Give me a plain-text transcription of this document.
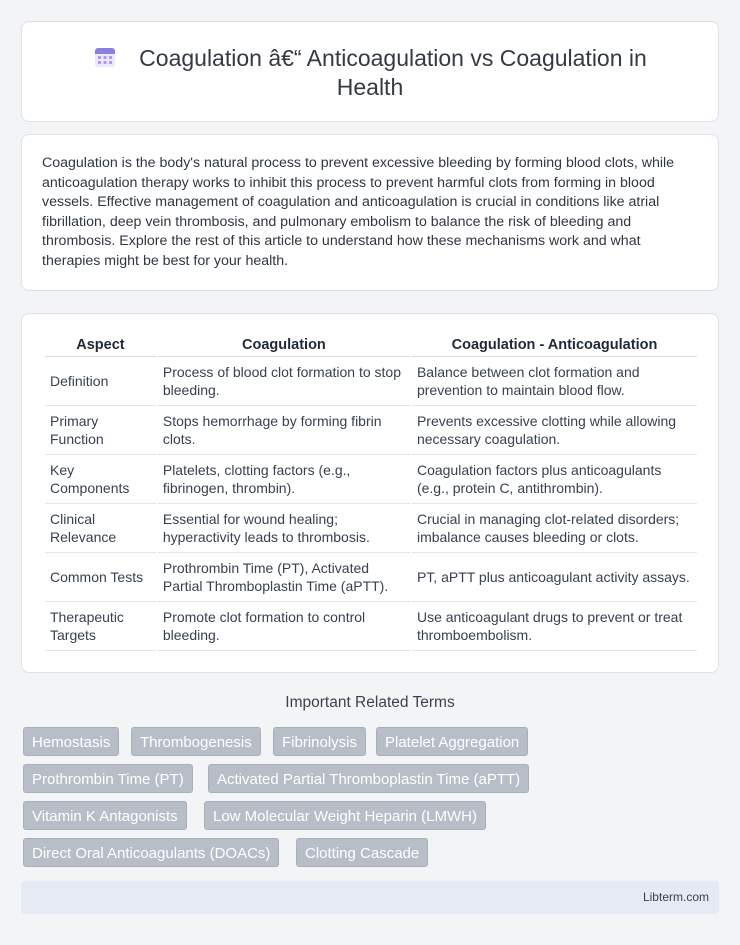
Coagulation â€“ Anticoagulation vs Coagulation in Health

Coagulation is the body's natural process to prevent excessive bleeding by forming blood clots, while anticoagulation therapy works to inhibit this process to prevent harmful clots from forming in blood vessels. Effective management of coagulation and anticoagulation is crucial in conditions like atrial fibrillation, deep vein thrombosis, and pulmonary embolism to balance the risk of bleeding and thrombosis. Explore the rest of this article to understand how these mechanisms work and what therapies might be best for your health.

Aspect	Coagulation	Coagulation - Anticoagulation
Definition	Process of blood clot formation to stop bleeding.	Balance between clot formation and prevention to maintain blood flow.
Primary Function	Stops hemorrhage by forming fibrin clots.	Prevents excessive clotting while allowing necessary coagulation.
Key Components	Platelets, clotting factors (e.g., fibrinogen, thrombin).	Coagulation factors plus anticoagulants (e.g., protein C, antithrombin).
Clinical Relevance	Essential for wound healing; hyperactivity leads to thrombosis.	Crucial in managing clot-related disorders; imbalance causes bleeding or clots.
Common Tests	Prothrombin Time (PT), Activated Partial Thromboplastin Time (aPTT).	PT, aPTT plus anticoagulant activity assays.
Therapeutic Targets	Promote clot formation to control bleeding.	Use anticoagulant drugs to prevent or treat thromboembolism.
Important Related Terms
Hemostasis	Thrombogenesis	Fibrinolysis	Platelet Aggregation
Prothrombin Time (PT)	Activated Partial Thromboplastin Time (aPTT)
Vitamin K Antagonists	Low Molecular Weight Heparin (LMWH)
Direct Oral Anticoagulants (DOACs)	Clotting Cascade
Libterm.com
